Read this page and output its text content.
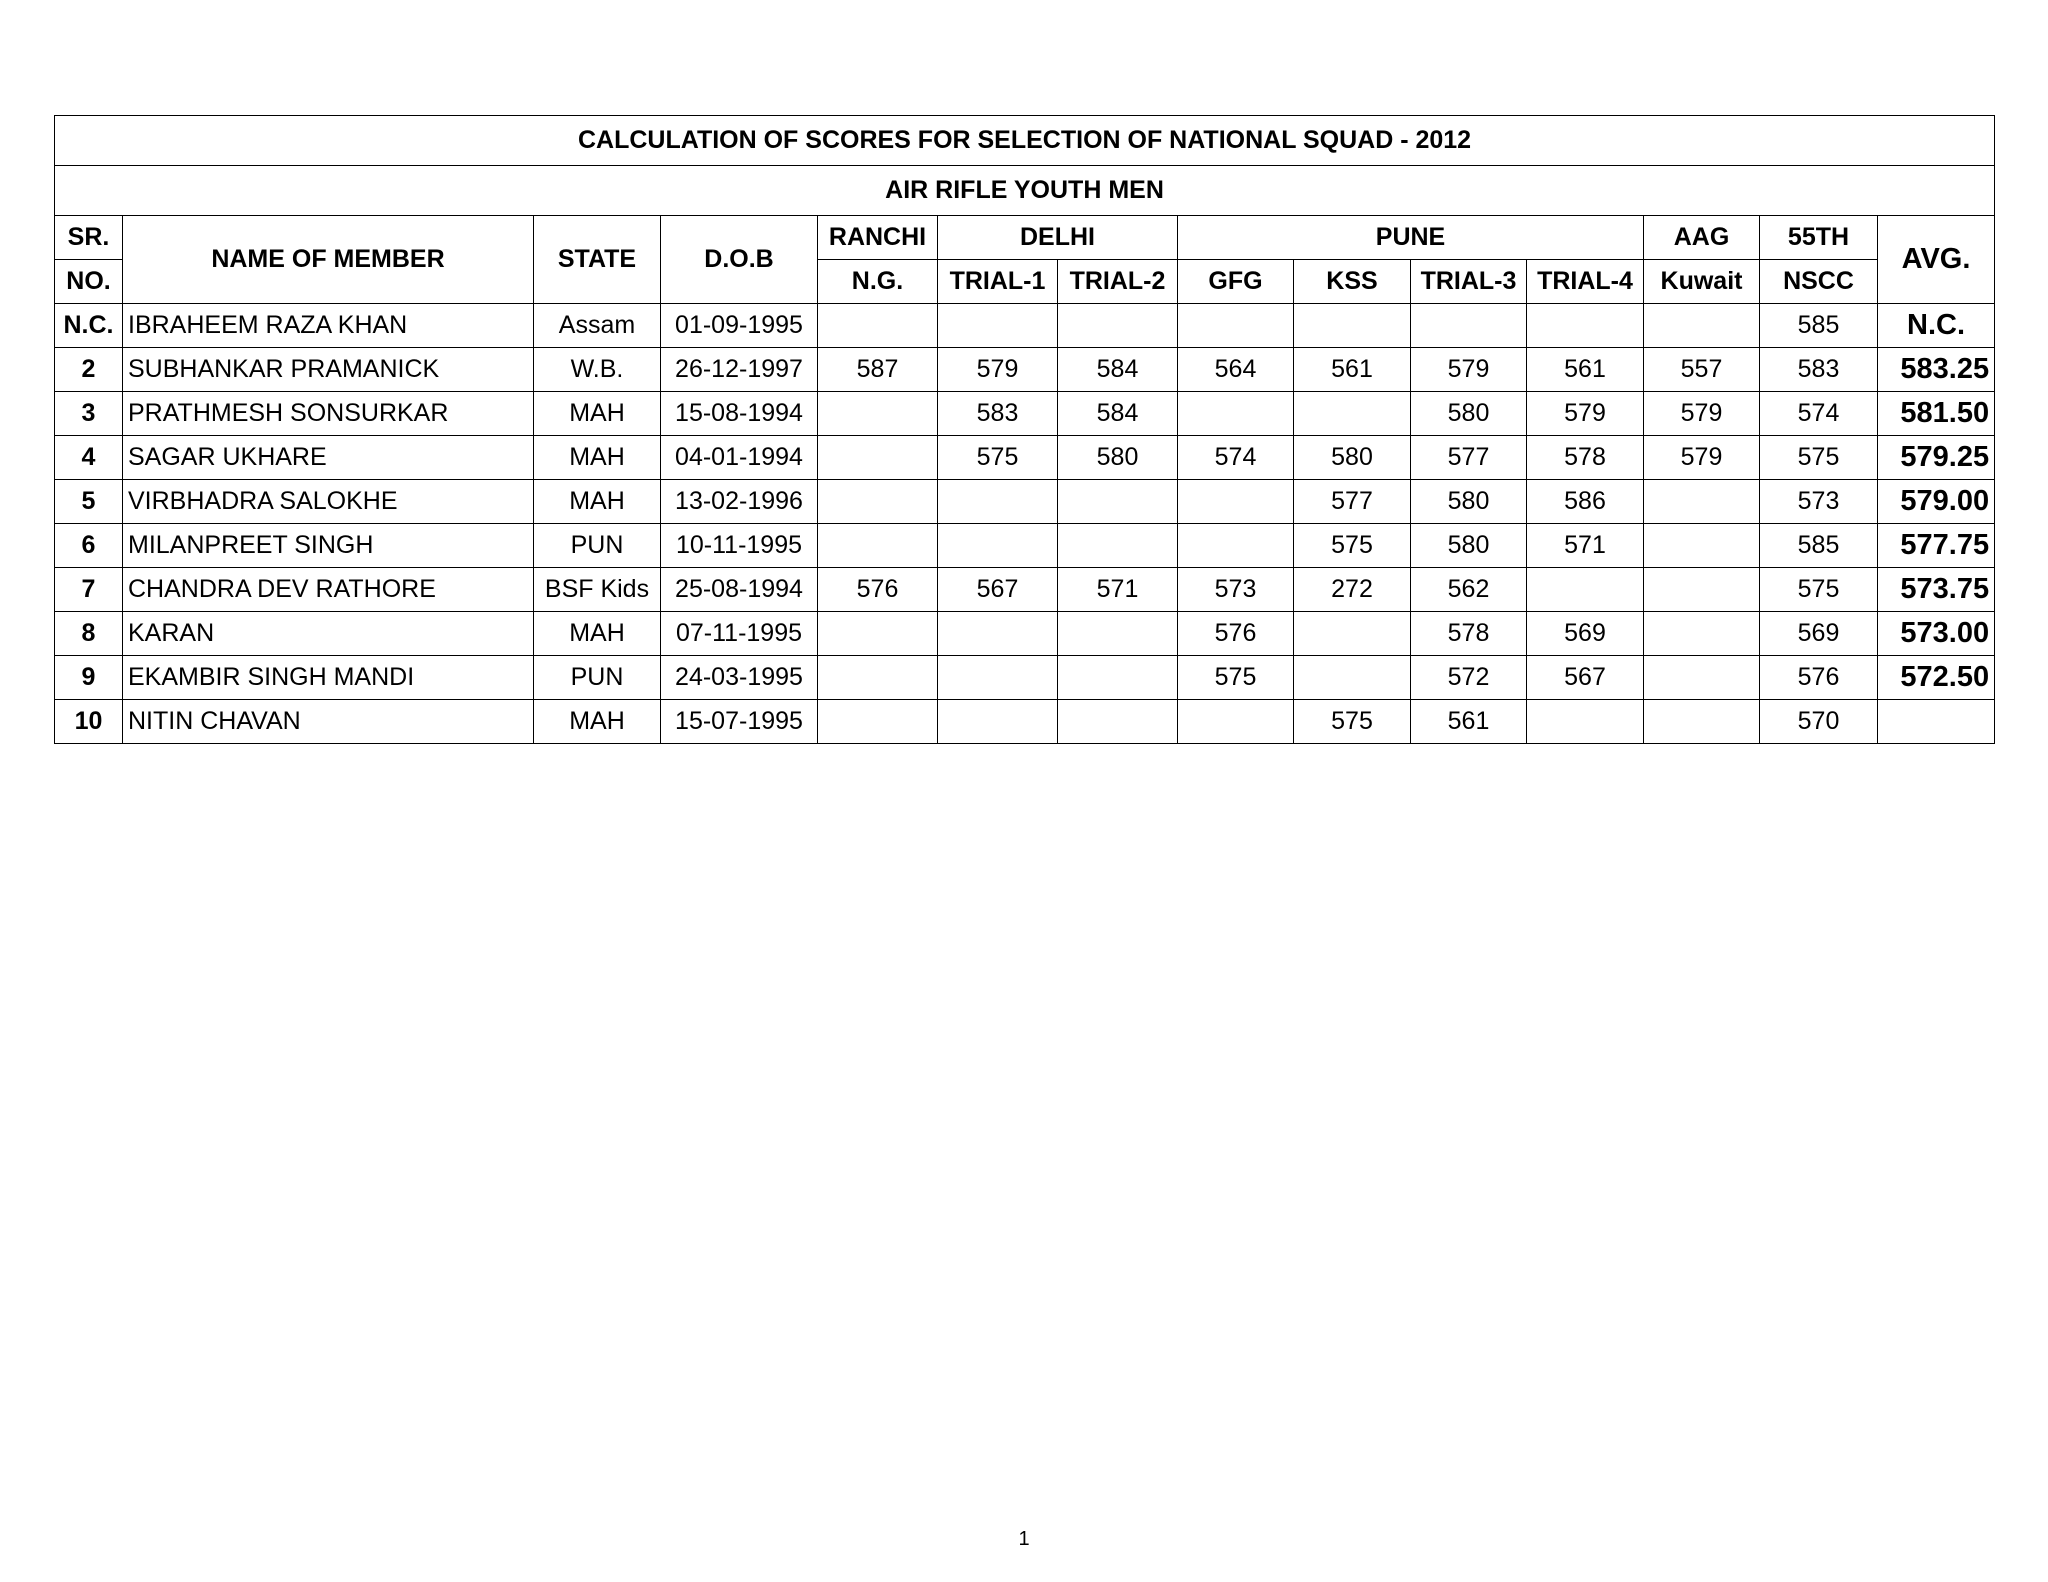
CALCULATION OF SCORES FOR SELECTION OF NATIONAL SQUAD - 2012													
AIR RIFLE YOUTH MEN													
SR.	NAME OF MEMBER	STATE	D.O.B	RANCHI	DELHI		PUNE				AAG	55TH	AVG.
NO.				N.G.	TRIAL-1	TRIAL-2	GFG	KSS	TRIAL-3	TRIAL-4	Kuwait	NSCC	
N.C.	IBRAHEEM RAZA KHAN	Assam	01-09-1995									585	N.C.
2	SUBHANKAR PRAMANICK	W.B.	26-12-1997	587	579	584	564	561	579	561	557	583	583.25
3	PRATHMESH SONSURKAR	MAH	15-08-1994		583	584			580	579	579	574	581.50
4	SAGAR UKHARE	MAH	04-01-1994		575	580	574	580	577	578	579	575	579.25
5	VIRBHADRA SALOKHE	MAH	13-02-1996					577	580	586		573	579.00
6	MILANPREET SINGH	PUN	10-11-1995					575	580	571		585	577.75
7	CHANDRA DEV RATHORE	BSF Kids	25-08-1994	576	567	571	573	272	562			575	573.75
8	KARAN	MAH	07-11-1995				576		578	569		569	573.00
9	EKAMBIR SINGH MANDI	PUN	24-03-1995				575		572	567		576	572.50
10	NITIN CHAVAN	MAH	15-07-1995					575	561			570	
1
